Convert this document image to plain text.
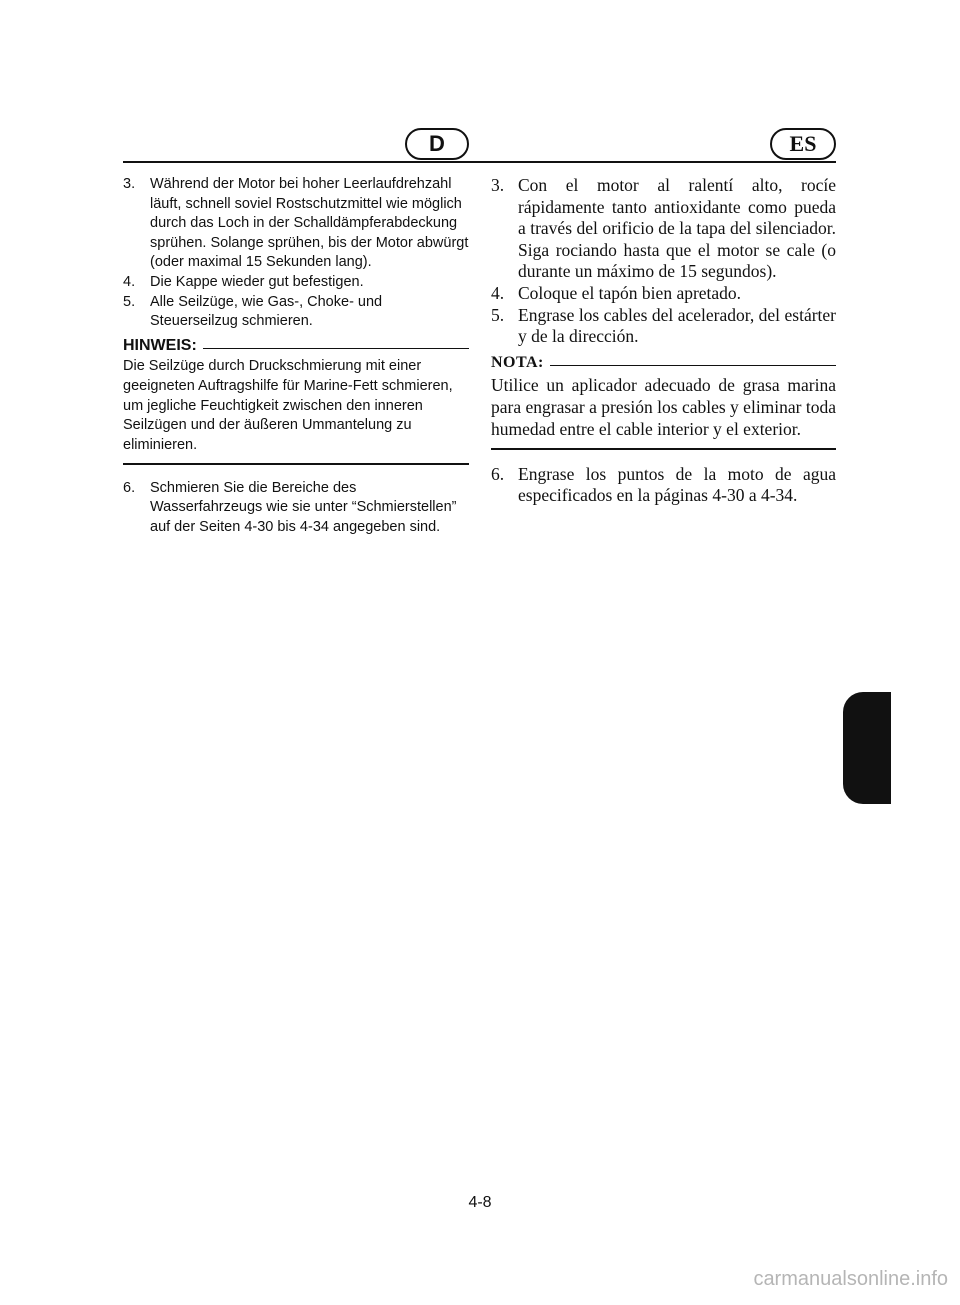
D	ES
3.	Während der Motor bei hoher Leerlaufdrehzahl läuft, schnell soviel Rostschutzmittel wie möglich durch das Loch in der Schalldämpferabdeckung sprühen. Solange sprühen, bis der Motor abwürgt (oder maximal 15 Sekunden lang).
4.	Die Kappe wieder gut befestigen.
5.	Alle Seilzüge, wie Gas-, Choke- und Steuerseilzug schmieren.
HINWEIS:
Die Seilzüge durch Druckschmierung mit einer geeigneten Auftragshilfe für Marine-Fett schmieren, um jegliche Feuchtigkeit zwischen den inneren Seilzügen und der äußeren Ummantelung zu eliminieren.
6.	Schmieren Sie die Bereiche des Wasserfahrzeugs wie sie unter “Schmierstellen” auf der Seiten 4-30 bis 4-34 angegeben sind.
3. Con el motor al ralentí alto, rocíe rápidamente tanto antioxidante como pueda a través del orificio de la tapa del silenciador. Siga rociando hasta que el motor se cale (o durante un máximo de 15 segundos).
4. Coloque el tapón bien apretado.
5. Engrase los cables del acelerador, del estárter y de la dirección.
NOTA:
Utilice un aplicador adecuado de grasa marina para engrasar a presión los cables y eliminar toda humedad entre el cable interior y el exterior.
6. Engrase los puntos de la moto de agua especificados en la páginas 4-30 a 4-34.
4-8
carmanualsonline.info
